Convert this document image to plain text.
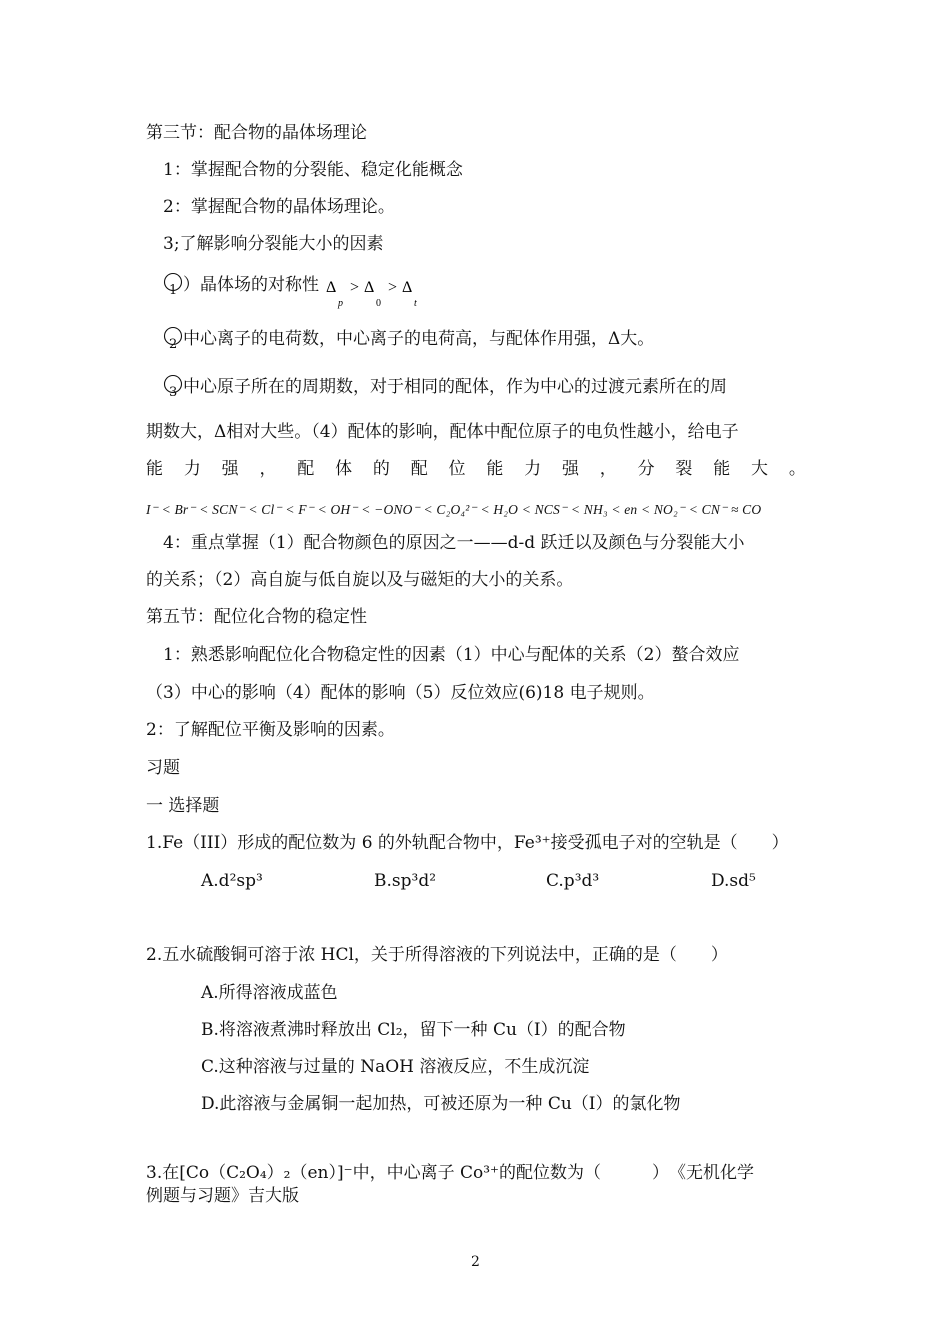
第三节：配合物的晶体场理论
1：掌握配合物的分裂能、稳定化能概念
2：掌握配合物的晶体场理论。
3;了解影响分裂能大小的因素
1 ）晶体场的对称性 Δ
p
> Δ
0
> Δ
t
2 中心离子的电荷数，中心离子的电荷高，与配体作用强，Δ大。
3 中心原子所在的周期数，对于相同的配体，作为中心的过渡元素所在的周
期数大，Δ相对大些。（4）配体的影响，配体中配位原子的电负性越小，给电子
能 力 强 ， 配 体 的 配 位 能 力 强 ， 分 裂 能 大 。
I⁻ < Br⁻ < SCN⁻ < Cl⁻ < F⁻ < OH⁻ < −ONO⁻ < C₂O₄²⁻ < H₂O < NCS⁻ < NH₃ < en < NO₂⁻ < CN⁻ ≈ CO
4：重点掌握（1）配合物颜色的原因之一——d-d 跃迁以及颜色与分裂能大小
的关系；（2）高自旋与低自旋以及与磁矩的大小的关系。
第五节：配位化合物的稳定性
1：熟悉影响配位化合物稳定性的因素（1）中心与配体的关系（2）螯合效应
（3）中心的影响（4）配体的影响（5）反位效应(6)18 电子规则。
2：了解配位平衡及影响的因素。
习题
一 选择题
1.Fe（III）形成的配位数为 6 的外轨配合物中，Fe³⁺接受孤电子对的空轨是（　　）
A.d²sp³	B.sp³d²	C.p³d³	D.sd⁵
2.五水硫酸铜可溶于浓 HCl，关于所得溶液的下列说法中，正确的是（　　）
A.所得溶液成蓝色
B.将溶液煮沸时释放出 Cl₂，留下一种 Cu（I）的配合物
C.这种溶液与过量的 NaOH 溶液反应，不生成沉淀
D.此溶液与金属铜一起加热，可被还原为一种 Cu（I）的氯化物
3.在[Co（C₂O₄）₂（en）]⁻中，中心离子 Co³⁺的配位数为（　　　）　《无机化学
例题与习题》吉大版
2
